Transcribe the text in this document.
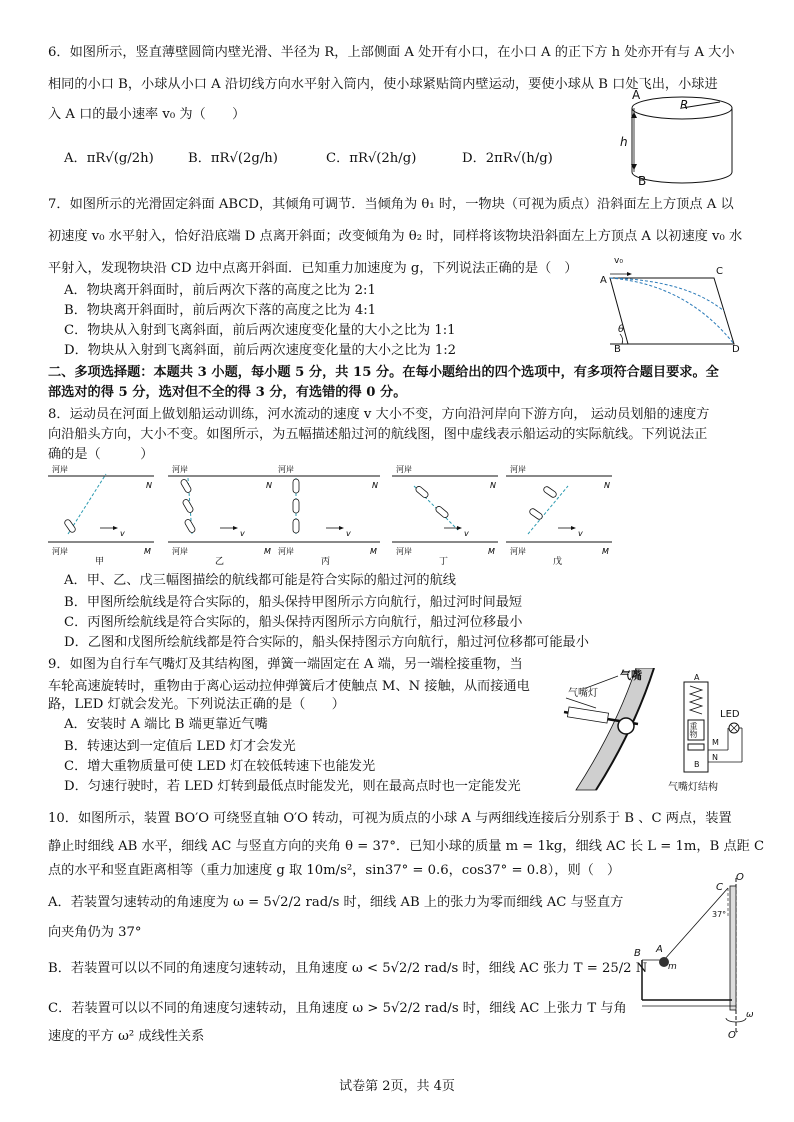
6．如图所示，竖直薄壁圆筒内壁光滑、半径为 R，上部侧面 A 处开有小口，在小口 A 的正下方 h 处亦开有与 A 大小
相同的小口 B，小球从小口 A 沿切线方向水平射入筒内，使小球紧贴筒内壁运动，要使小球从 B 口处飞出，小球进
入 A 口的最小速率 v₀ 为（　　）
A．πR√(g/2h)	B．πR√(2g/h)	C．πR√(2h/g)	D．2πR√(h/g)
A
R
h
B
7．如图所示的光滑固定斜面 ABCD，其倾角可调节．当倾角为 θ₁ 时，一物块（可视为质点）沿斜面左上方顶点 A 以
初速度 v₀ 水平射入，恰好沿底端 D 点离开斜面；改变倾角为 θ₂ 时，同样将该物块沿斜面左上方顶点 A 以初速度 v₀ 水
平射入，发现物块沿 CD 边中点离开斜面．已知重力加速度为 g，下列说法正确的是（　）
A．物块离开斜面时，前后两次下落的高度之比为 2:1
B．物块离开斜面时，前后两次下落的高度之比为 4:1
C．物块从入射到飞离斜面，前后两次速度变化量的大小之比为 1:1
D．物块从入射到飞离斜面，前后两次速度变化量的大小之比为 1:2
v₀
A
C
B	D
θ
二、多项选择题：本题共 3 小题，每小题 5 分，共 15 分。在每小题给出的四个选项中，有多项符合题目要求。全
部选对的得 5 分，选对但不全的得 3 分，有选错的得 0 分。
8．运动员在河面上做划船运动训练，河水流动的速度 v 大小不变，方向沿河岸向下游方向， 运动员划船的速度方
向沿船头方向，大小不变。如图所示，为五幅描述船过河的航线图，图中虚线表示船运动的实际航线。下列说法正
确的是（　　　）
河岸
N
河岸	M
v
甲
河岸
N
河岸	M
v
乙
河岸
N
河岸	M
v
丙
河岸
N
河岸	M
v
丁
河岸
N
河岸	M
v
戊
A．甲、乙、戊三幅图描绘的航线都可能是符合实际的船过河的航线
B．甲图所绘航线是符合实际的，船头保持甲图所示方向航行，船过河时间最短
C．丙图所绘航线是符合实际的，船头保持丙图所示方向航行，船过河位移最小
D．乙图和戊图所绘航线都是符合实际的，船头保持图示方向航行，船过河位移都可能最小
9．如图为自行车气嘴灯及其结构图，弹簧一端固定在 A 端，另一端栓接重物，当
车轮高速旋转时，重物由于离心运动拉伸弹簧后才使触点 M、N 接触，从而接通电
路，LED 灯就会发光。下列说法正确的是（　　）
A．安装时 A 端比 B 端更靠近气嘴
B．转速达到一定值后 LED 灯才会发光
C．增大重物质量可使 LED 灯在较低转速下也能发光
D．匀速行驶时，若 LED 灯转到最低点时能发光，则在最高点时也一定能发光
气嘴
气嘴灯
LED
重物
气嘴灯结构
A
B
M
N
10．如图所示，装置 BO′O 可绕竖直轴 O′O 转动，可视为质点的小球 A 与两细线连接后分别系于 B 、C 两点，装置
静止时细线 AB 水平，细线 AC 与竖直方向的夹角 θ = 37°．已知小球的质量 m = 1kg，细线 AC 长 L = 1m，B 点距 C
点的水平和竖直距离相等（重力加速度 g 取 10m/s²，sin37° = 0.6，cos37° = 0.8），则（　）
A．若装置匀速转动的角速度为 ω = 5√2/2 rad/s 时，细线 AB 上的张力为零而细线 AC 与竖直方
向夹角仍为 37°
B．若装置可以以不同的角速度匀速转动，且角速度 ω < 5√2/2 rad/s 时，细线 AC 张力 T = 25/2 N
C．若装置可以以不同的角速度匀速转动，且角速度 ω > 5√2/2 rad/s 时，细线 AC 上张力 T 与角
速度的平方 ω² 成线性关系
O
C
37°
A
m
B
ω
O′
试卷第 2页，共 4页
